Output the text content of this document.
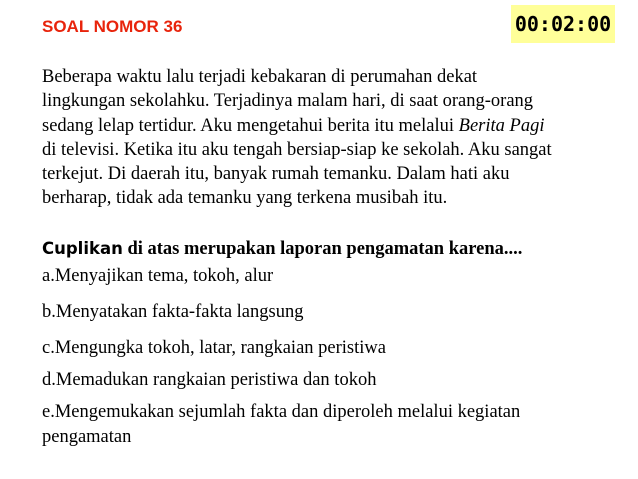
SOAL NOMOR 36	00:02:00
Beberapa waktu lalu terjadi kebakaran di perumahan dekat
lingkungan sekolahku. Terjadinya malam hari, di saat orang-orang
sedang lelap tertidur. Aku mengetahui berita itu melalui Berita Pagi
di televisi. Ketika itu aku tengah bersiap-siap ke sekolah. Aku sangat
terkejut. Di daerah itu, banyak rumah temanku. Dalam hati aku
berharap, tidak ada temanku yang terkena musibah itu.
Cuplikan di atas merupakan laporan pengamatan karena....
a.Menyajikan tema, tokoh, alur
b.Menyatakan fakta-fakta langsung
c.Mengungka tokoh, latar, rangkaian peristiwa
d.Memadukan rangkaian peristiwa dan tokoh
e.Mengemukakan sejumlah fakta dan diperoleh melalui kegiatan
pengamatan
